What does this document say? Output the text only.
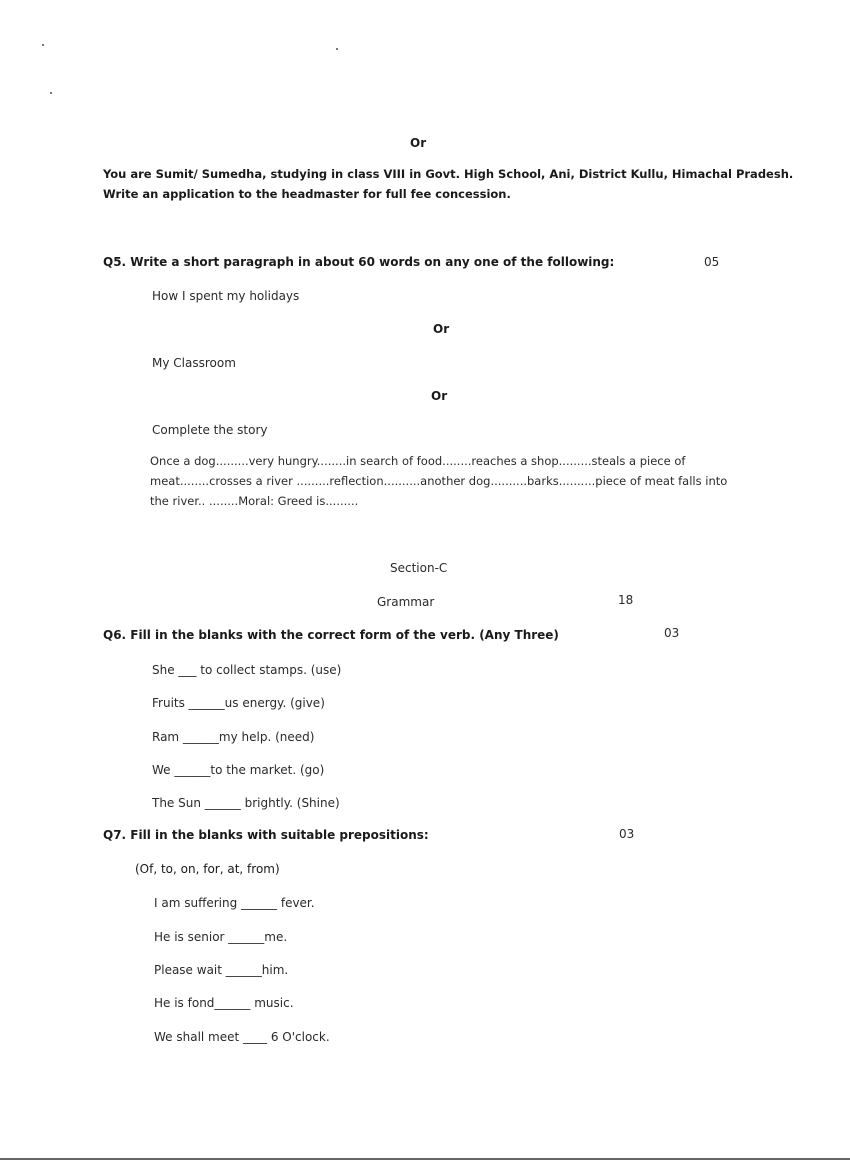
Or

You are Sumit/ Sumedha, studying in class VIII in Govt. High School, Ani, District Kullu, Himachal Pradesh.

Write an application to the headmaster for full fee concession.

Q5. Write a short paragraph in about 60 words on any one of the following:	05

How I spent my holidays

Or

My Classroom

Or

Complete the story

Once a dog.........very hungry........in search of food........reaches a shop.........steals a piece of

meat........crosses a river .........reflection..........another dog..........barks..........piece of meat falls into

the river.. ........Moral: Greed is.........

Section-C

Grammar	18

Q6. Fill in the blanks with the correct form of the verb. (Any Three)	03

She ___ to collect stamps. (use)

Fruits ______us energy. (give)

Ram ______my help. (need)

We ______to the market. (go)

The Sun ______ brightly. (Shine)

Q7. Fill in the blanks with suitable prepositions:	03

(Of, to, on, for, at, from)

I am suffering ______ fever.

He is senior ______me.

Please wait ______him.

He is fond______ music.

We shall meet ____ 6 O'clock.
